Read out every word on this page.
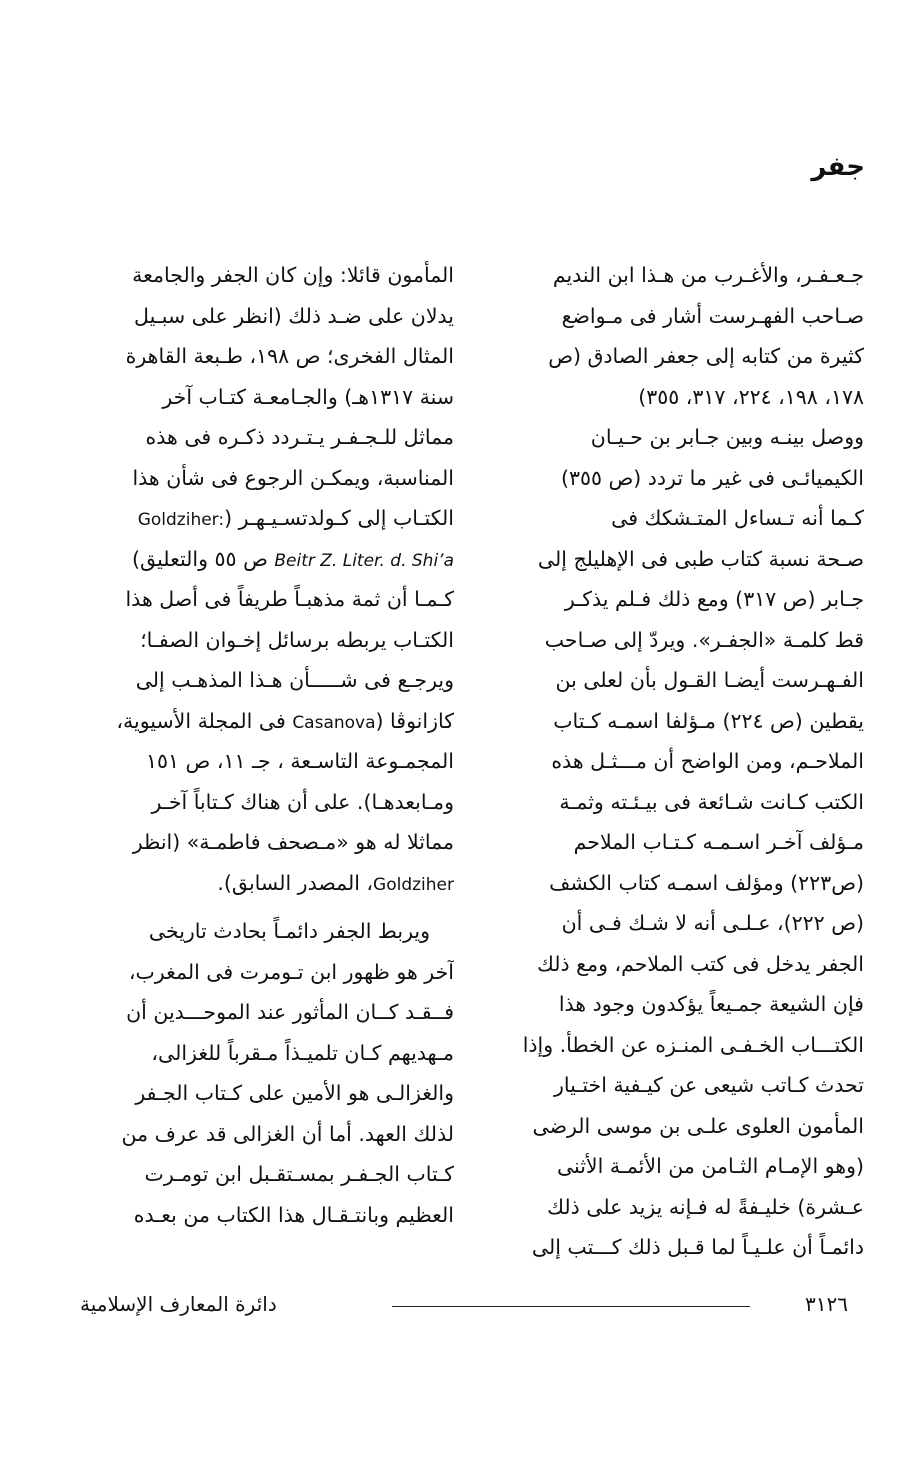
جفر
جـعـفـر، والأغـرب من هـذا ابن النديم
صـاحب الفهـرست أشار فى مـواضع
كثيرة من كتابه إلى جعفر الصادق (ص
١٧٨، ١٩٨، ٢٢٤، ٣١٧، ٣٥٥)
ووصل بينـه وبين جـابر بن حـيـان
الكيميائـى فى غير ما تردد (ص ٣٥٥)
كـما أنه تـساءل المتـشكك فى
صـحة نسبة كتاب طبى فى الإهليلج إلى
جـابر (ص ٣١٧) ومع ذلك فـلم يذكـر
قط كلمـة «الجفـر». ويردّ إلى صـاحب
الفـهـرست أيضـا القـول بأن لعلى بن
يقطين (ص ٢٢٤) مـؤلفا اسمـه كـتاب
الملاحـم، ومن الواضح أن مـــثـل هذه
الكتب كـانت شـائعة فى بيـئـته وثمـة
مـؤلف آخـر اسـمـه كـتـاب الملاحم
(ص٢٢٣) ومؤلف اسمـه كتاب الكشف
(ص ٢٢٢)، عـلـى أنه لا شـك فـى أن
الجفر يدخل فى كتب الملاحم، ومع ذلك
فإن الشيعة جمـيعاً يؤكدون وجود هذا
الكتـــاب الخـفـى المنـزه عن الخطأ. وإذا
تحدث كـاتب شيعى عن كيـفية اختـيار
المأمون العلوى علـى بن موسى الرضى
(وهو الإمـام الثـامن من الأئمـة الأثنى
عـشرة) خليـفةً له فـإنه يزيد على ذلك
دائمـاً أن علـيـاً لما قـبل ذلك كـــتب إلى
المأمون قائلا: وإن كان الجفر والجامعة
يدلان على ضـد ذلك (انظر على سبـيل
المثال الفخرى؛ ص ١٩٨، طـبعة القاهرة
سنة ١٣١٧هـ) والجـامعـة كتـاب آخر
مماثل للـجـفـر يـتـردد ذكـره فى هذه
المناسبة، ويمكـن الرجوع فى شأن هذا
الكتـاب إلى كـولدتسـيـهـر (Goldziher:
Beitr Z. Liter. d. Shi’a ص ٥٥ والتعليق)
كـمـا أن ثمة مذهبـاً طريفاً فى أصل هذا
الكتـاب يربطه برسائل إخـوان الصفـا؛
ويرجـع فى شـــــأن هـذا المذهـب إلى
كازانوڤا (Casanova فى المجلة الأسيوية،
المجمـوعة التاسـعة ، جـ ١١، ص ١٥١
ومـابعدهـا). على أن هناك كـتاباً آخـر
مماثلا له هو «مـصحف فاطمـة» (انظر
Goldziher، المصدر السابق).
ويربط الجفر دائمـاً بحادث تاريخى
آخر هو ظهور ابن تـومرت فى المغرب،
فــقـد كــان المأثور عند الموحـــدين أن
مـهديهم كـان تلميـذاً مـقرباً للغزالى،
والغزالـى هو الأمين على كـتاب الجـفر
لذلك العهد. أما أن الغزالى قد عرف من
كـتاب الجـفـر بمسـتقـبل ابن تومـرت
العظيم وبانتـقـال هذا الكتاب من بعـده
٣١٢٦
دائرة المعارف الإسلامية
